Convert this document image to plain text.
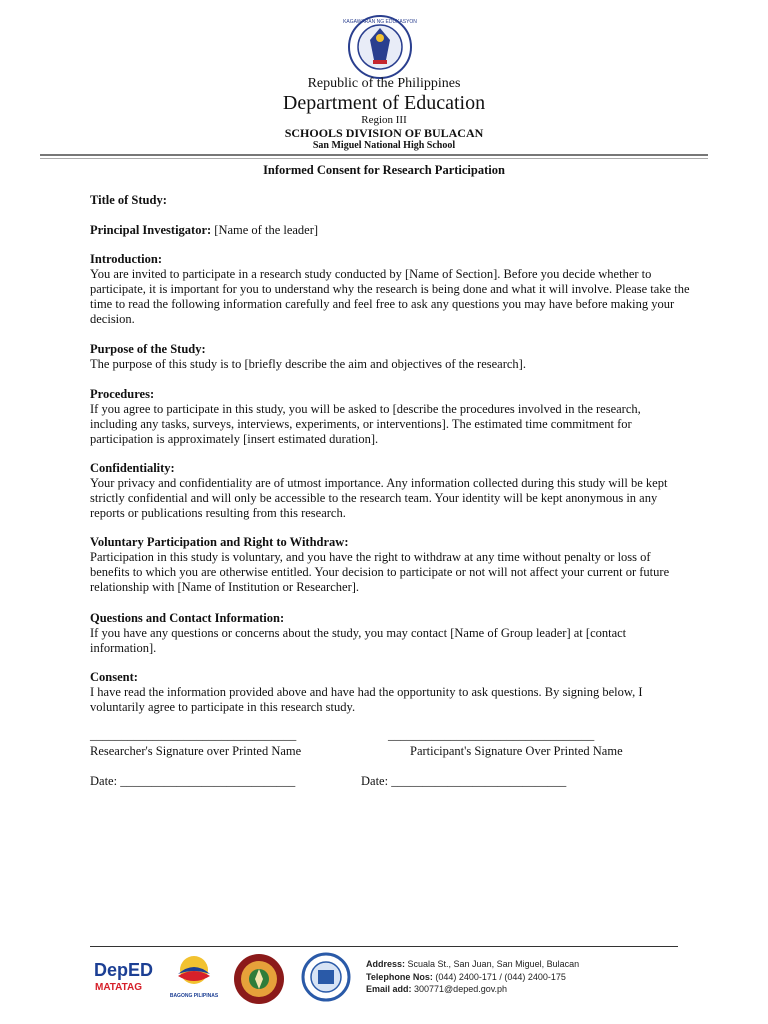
KAGAWARAN NG EDUKASYON
Republic of the Philippines
Department of Education
Region III
SCHOOLS DIVISION OF BULACAN
San Miguel National High School
Informed Consent for Research Participation
Title of Study:
Principal Investigator: [Name of the leader]
Introduction:
You are invited to participate in a research study conducted by [Name of Section]. Before you decide whether to participate, it is important for you to understand why the research is being done and what it will involve. Please take the time to read the following information carefully and feel free to ask any questions you may have before making your decision.
Purpose of the Study:
The purpose of this study is to [briefly describe the aim and objectives of the research].
Procedures:
If you agree to participate in this study, you will be asked to [describe the procedures involved in the research, including any tasks, surveys, interviews, experiments, or interventions]. The estimated time commitment for participation is approximately [insert estimated duration].
Confidentiality:
Your privacy and confidentiality are of utmost importance. Any information collected during this study will be kept strictly confidential and will only be accessible to the research team. Your identity will be kept anonymous in any reports or publications resulting from this research.
Voluntary Participation and Right to Withdraw:
Participation in this study is voluntary, and you have the right to withdraw at any time without penalty or loss of benefits to which you are otherwise entitled. Your decision to participate or not will not affect your current or future relationship with [Name of Institution or Researcher].
Questions and Contact Information:
If you have any questions or concerns about the study, you may contact [Name of Group leader] at [contact information].
Consent:
I have read the information provided above and have had the opportunity to ask questions. By signing below, I voluntarily agree to participate in this research study.
_________________________________	_________________________________
Researcher's Signature over Printed Name	Participant's Signature Over Printed Name
Date: ____________________________	Date: ____________________________
DepED
MATATAG
BAGONG PILIPINAS
Address: Scuala St., San Juan, San Miguel, Bulacan
Telephone Nos: (044) 2400-171 / (044) 2400-175
Email add: 300771@deped.gov.ph
